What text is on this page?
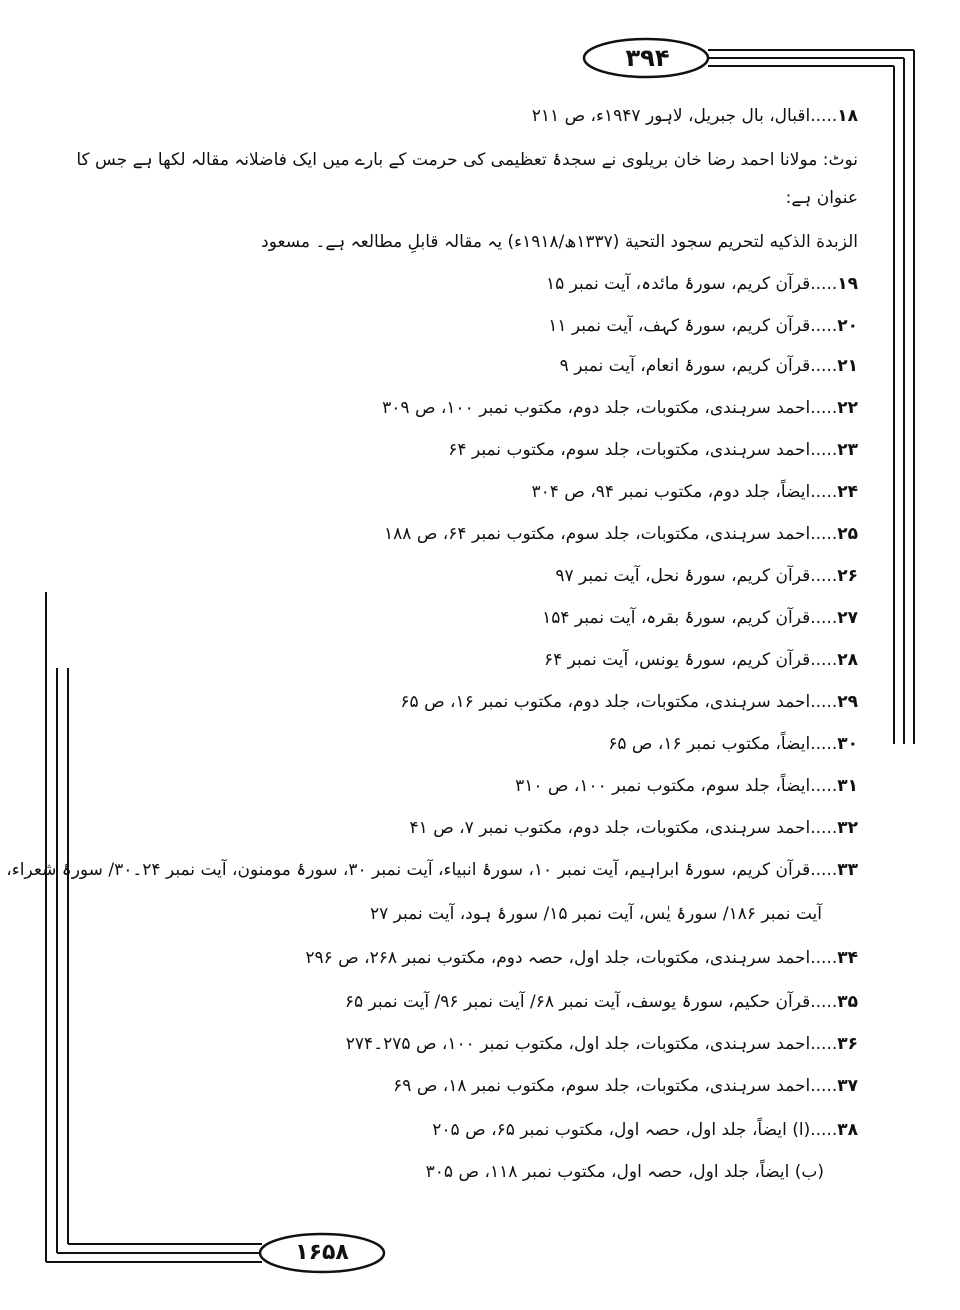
۳۹۴
۱۶۵۸
۱۸.....اقبال، بال جبریل، لاہور ۱۹۴۷ء، ص ۲۱۱
نوٹ: مولانا احمد رضا خان بریلوی نے سجدۂ تعظیمی کی حرمت کے بارے میں ایک فاضلانہ مقالہ لکھا ہے جس کا
عنوان ہے:
الزبدة الذکیه لتحریم سجود التحیة (۱۳۳۷ھ/۱۹۱۸ء) یہ مقالہ قابلِ مطالعہ ہے۔ مسعود
۱۹.....قرآن کریم، سورۂ مائدہ، آیت نمبر ۱۵
۲۰.....قرآن کریم، سورۂ کہف، آیت نمبر ۱۱
۲۱.....قرآن کریم، سورۂ انعام، آیت نمبر ۹
۲۲.....احمد سرہندی، مکتوبات، جلد دوم، مکتوب نمبر ۱۰۰، ص ۳۰۹
۲۳.....احمد سرہندی، مکتوبات، جلد سوم، مکتوب نمبر ۶۴
۲۴.....ایضاً، جلد دوم، مکتوب نمبر ۹۴، ص ۳۰۴
۲۵.....احمد سرہندی، مکتوبات، جلد سوم، مکتوب نمبر ۶۴، ص ۱۸۸
۲۶.....قرآن کریم، سورۂ نحل، آیت نمبر ۹۷
۲۷.....قرآن کریم، سورۂ بقرہ، آیت نمبر ۱۵۴
۲۸.....قرآن کریم، سورۂ یونس، آیت نمبر ۶۴
۲۹.....احمد سرہندی، مکتوبات، جلد دوم، مکتوب نمبر ۱۶، ص ۶۵
۳۰.....ایضاً، مکتوب نمبر ۱۶، ص ۶۵
۳۱.....ایضاً، جلد سوم، مکتوب نمبر ۱۰۰، ص ۳۱۰
۳۲.....احمد سرہندی، مکتوبات، جلد دوم، مکتوب نمبر ۷، ص ۴۱
۳۳.....قرآن کریم، سورۂ ابراہیم، آیت نمبر ۱۰، سورۂ انبیاء، آیت نمبر ۳۰، سورۂ مومنون، آیت نمبر ۲۴۔۳۰/ سورۂ شعراء،
آیت نمبر ۱۸۶/ سورۂ یٰس، آیت نمبر ۱۵/ سورۂ ہود، آیت نمبر ۲۷
۳۴.....احمد سرہندی، مکتوبات، جلد اول، حصہ دوم، مکتوب نمبر ۲۶۸، ص ۲۹۶
۳۵.....قرآن حکیم، سورۂ یوسف، آیت نمبر ۶۸/ آیت نمبر ۹۶/ آیت نمبر ۶۵
۳۶.....احمد سرہندی، مکتوبات، جلد اول، مکتوب نمبر ۱۰۰، ص ۲۷۵۔۲۷۴
۳۷.....احمد سرہندی، مکتوبات، جلد سوم، مکتوب نمبر ۱۸، ص ۶۹
۳۸.....(ا) ایضاً، جلد اول، حصہ اول، مکتوب نمبر ۶۵، ص ۲۰۵
(ب) ایضاً، جلد اول، حصہ اول، مکتوب نمبر ۱۱۸، ص ۳۰۵
